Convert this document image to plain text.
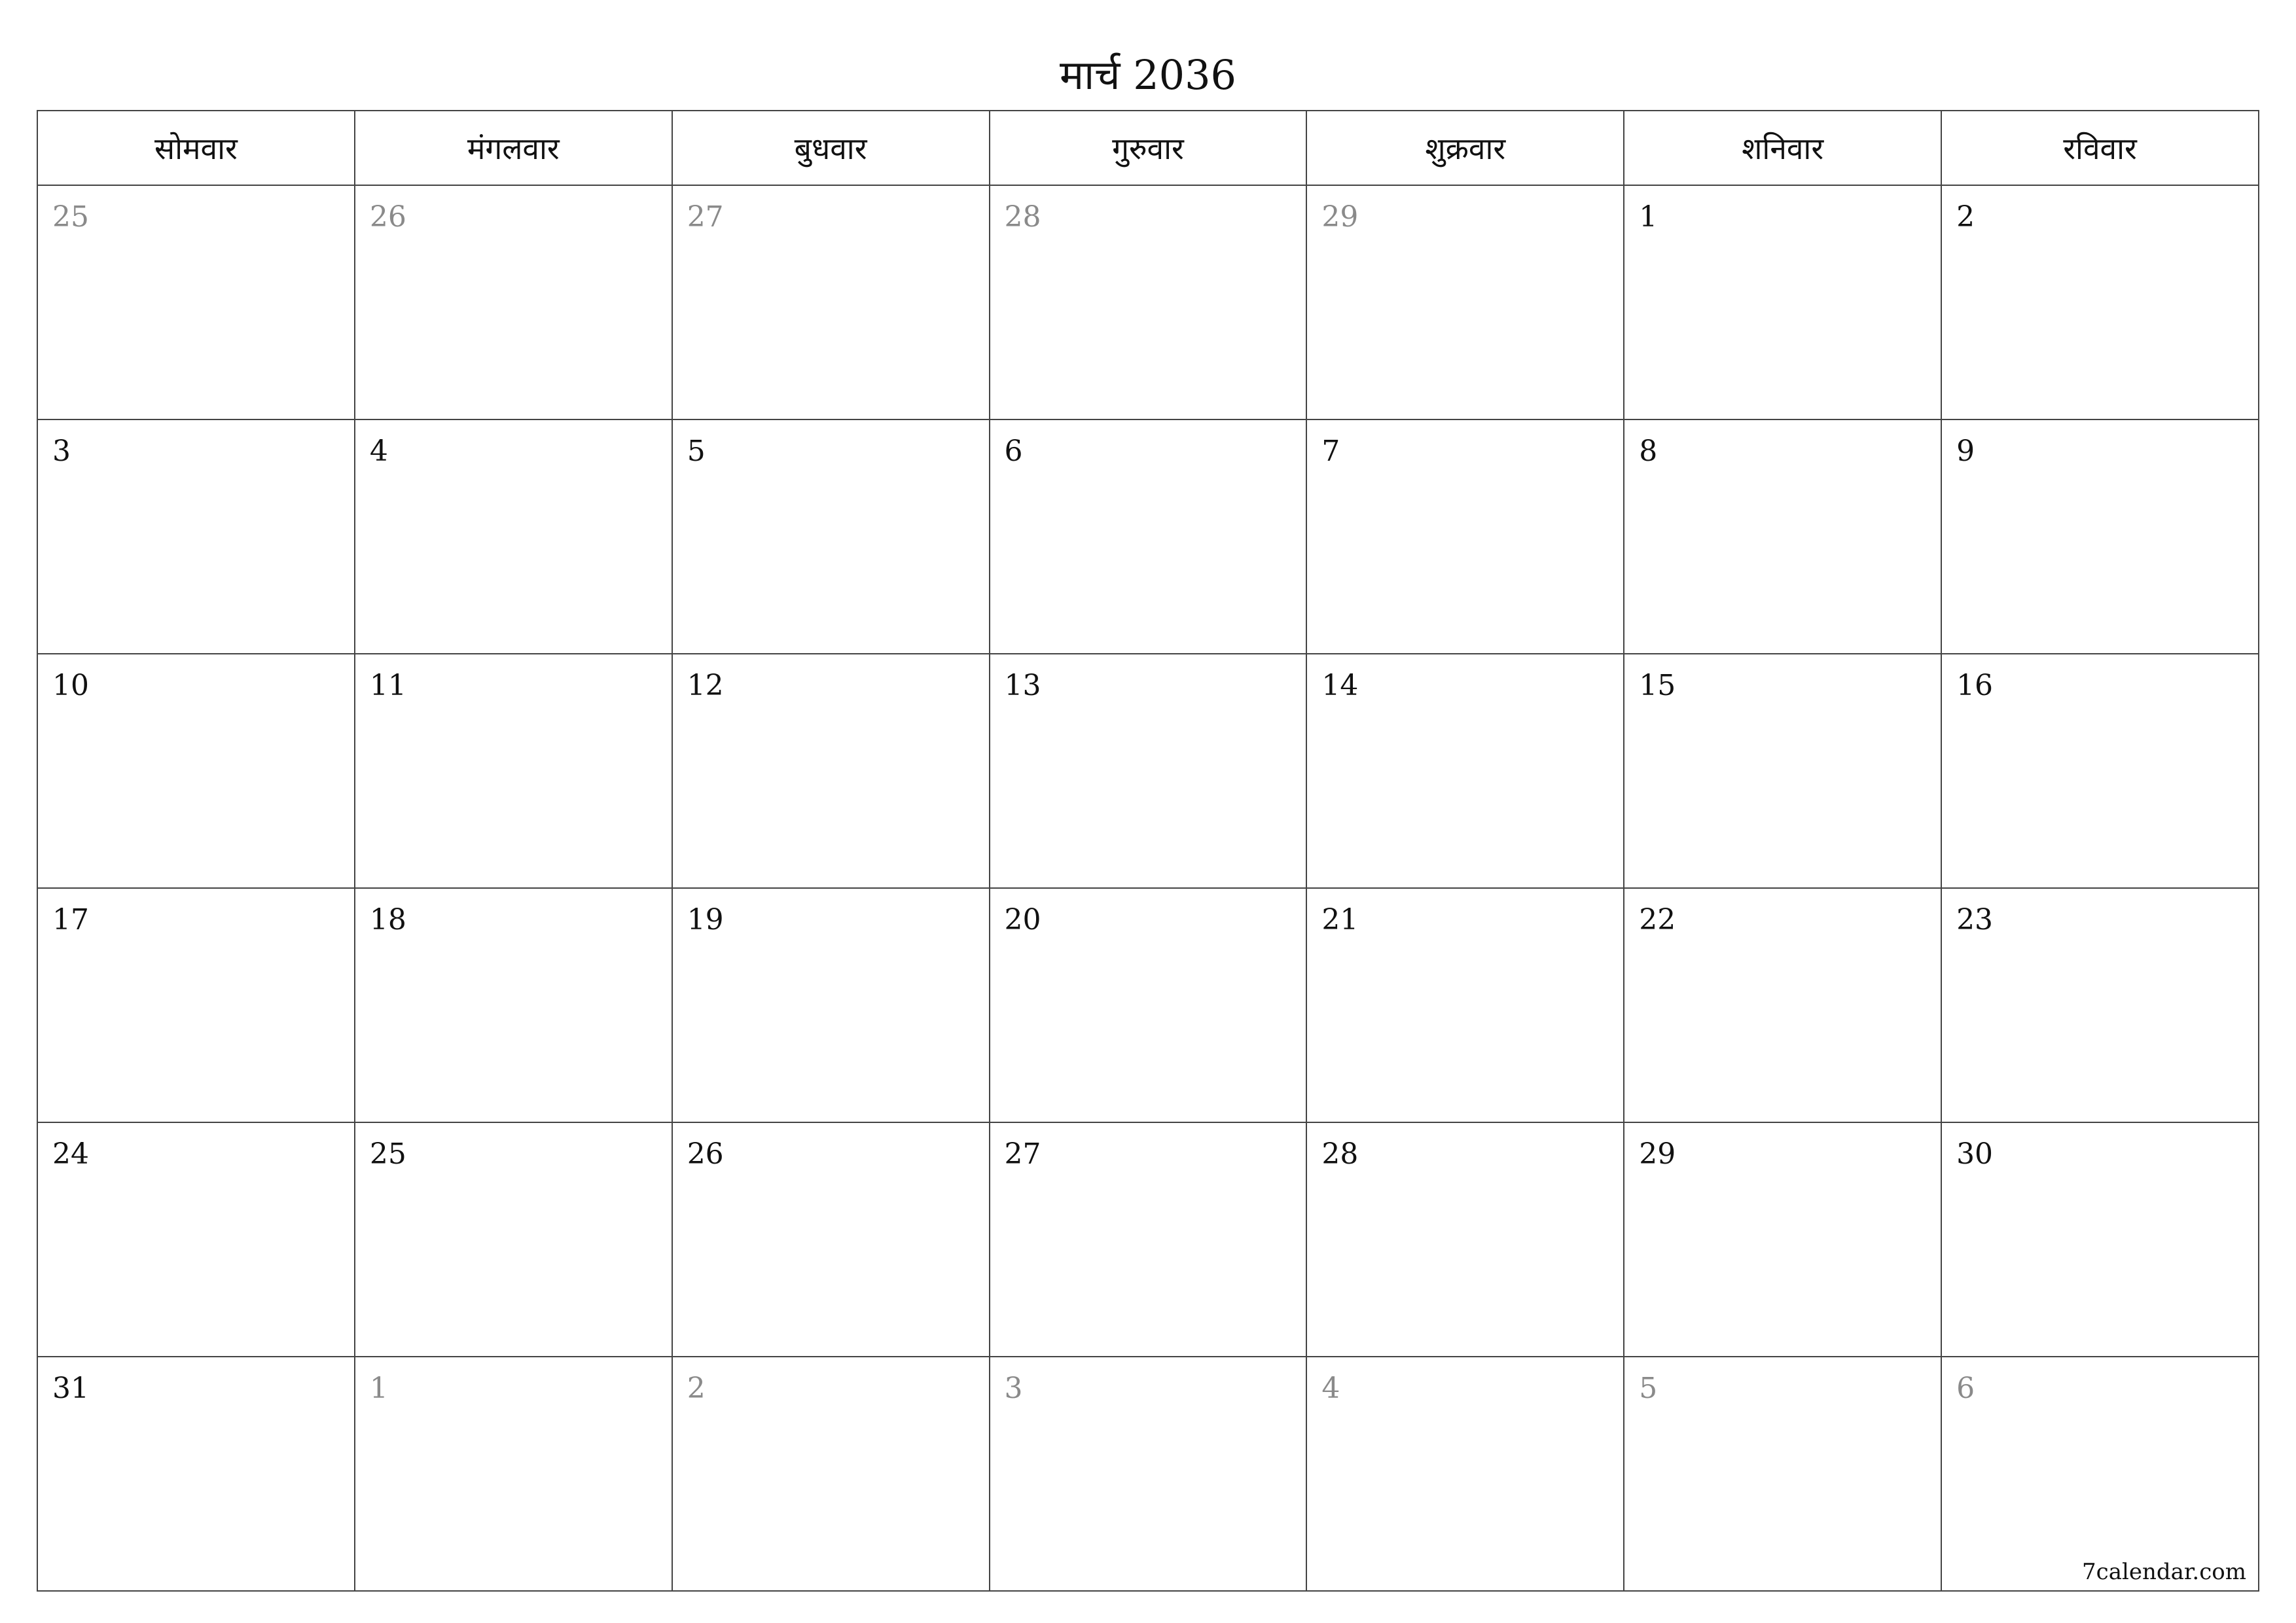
मार्च 2036
सोमवार	मंगलवार	बुधवार	गुरुवार	शुक्रवार	शनिवार	रविवार

25	26	27	28	29	1	2

3	4	5	6	7	8	9

10	11	12	13	14	15	16

17	18	19	20	21	22	23

24	25	26	27	28	29	30

31	1	2	3	4	5	6
7calendar.com
